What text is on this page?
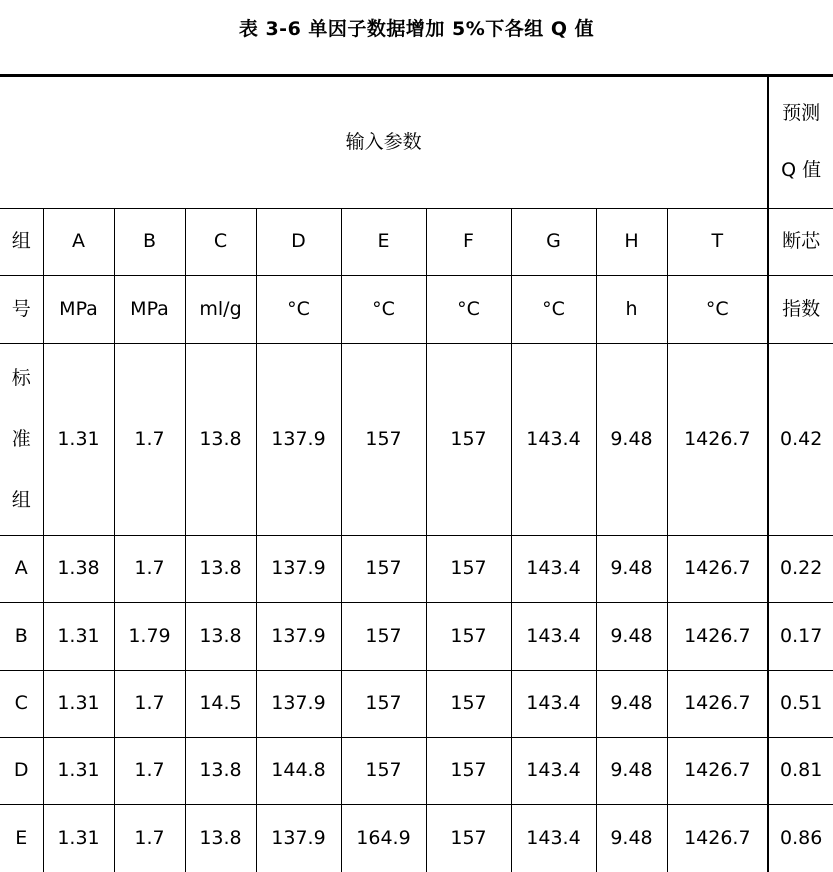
表 3-6 单因子数据增加 5%下各组 Q 值
输入参数										预测
Q 值

组	A	B	C	D	E	F	G	H	T	断芯
号	MPa	MPa	ml/g	°C	°C	°C	°C	h	°C	指数

标
准
组	1.31	1.7	13.8	137.9	157	157	143.4	9.48	1426.7	0.42

A	1.38	1.7	13.8	137.9	157	157	143.4	9.48	1426.7	0.22

B	1.31	1.79	13.8	137.9	157	157	143.4	9.48	1426.7	0.17

C	1.31	1.7	14.5	137.9	157	157	143.4	9.48	1426.7	0.51

D	1.31	1.7	13.8	144.8	157	157	143.4	9.48	1426.7	0.81

E	1.31	1.7	13.8	137.9	164.9	157	143.4	9.48	1426.7	0.86
